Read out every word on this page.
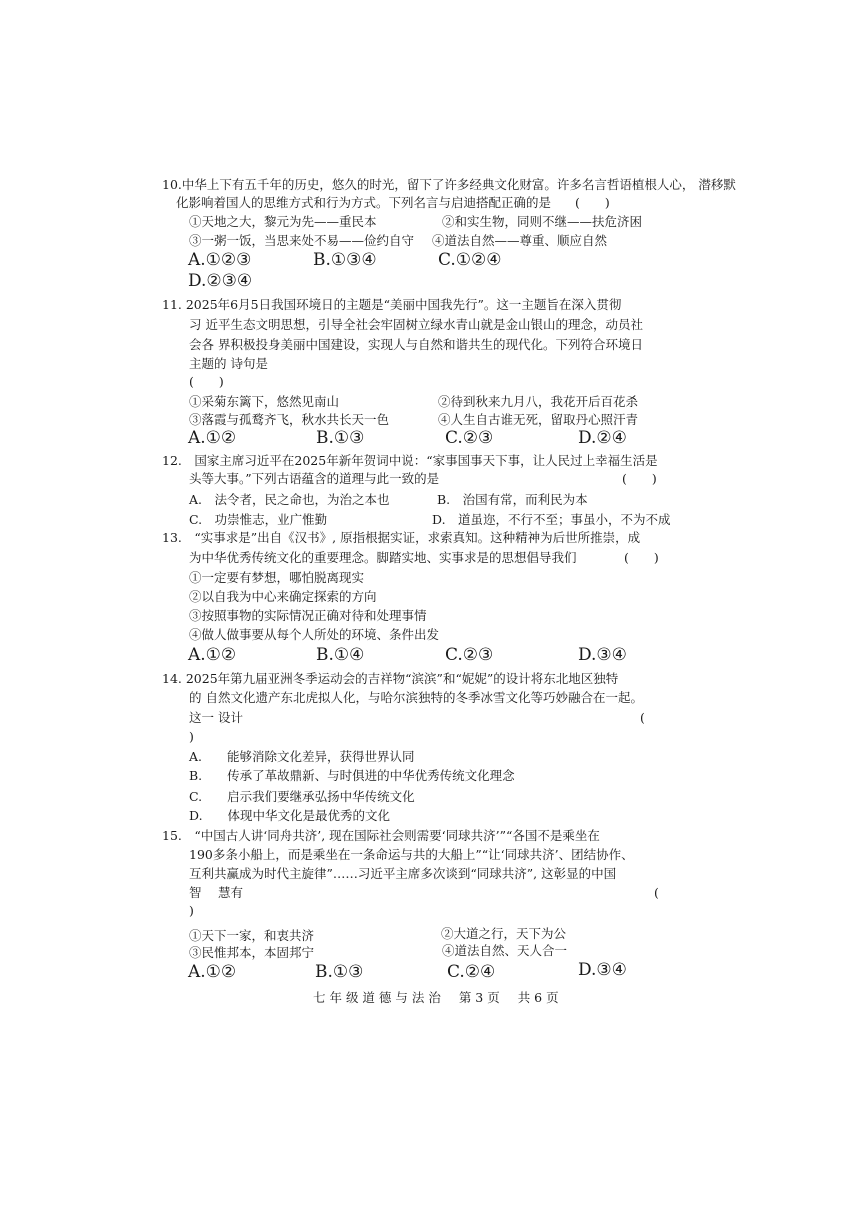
10.中华上下有五千年的历史，悠久的时光，留下了许多经典文化财富。许多名言哲语植根人心， 潜移默
化影响着国人的思维方式和行为方式。下列名言与启迪搭配正确的是 (　　)
①天地之大，黎元为先——重民本	②和实生物，同则不继——扶危济困
③一粥一饭，当思来处不易——俭约自守 ④道法自然——尊重、顺应自然
A.①②③	B.①③④	C.①②④
D.②③④
11. 2025年6月5日我国环境日的主题是“美丽中国我先行”。这一主题旨在深入贯彻
习 近平生态文明思想，引导全社会牢固树立绿水青山就是金山银山的理念，动员社
会各 界积极投身美丽中国建设，实现人与自然和谐共生的现代化。下列符合环境日
主题的 诗句是
(　　)
①采菊东篱下，悠然见南山	②待到秋来九月八，我花开后百花杀
③落霞与孤鹜齐飞，秋水共长天一色	④人生自古谁无死，留取丹心照汗青
A.①②	B.①③	C.②③	D.②④
12.　国家主席习近平在2025年新年贺词中说：“家事国事天下事，让人民过上幸福生活是
头等大事。”下列古语蕴含的道理与此一致的是	(　　)
A.　法令者，民之命也，为治之本也	B.　治国有常，而利民为本
C.　功崇惟志，业广惟勤	D.　道虽迩，不行不至；事虽小，不为不成
13.　“实事求是”出自《汉书》, 原指根据实证，求索真知。这种精神为后世所推崇，成
为中华优秀传统文化的重要理念。脚踏实地、实事求是的思想倡导我们	(　　)
①一定要有梦想，哪怕脱离现实
②以自我为中心来确定探索的方向
③按照事物的实际情况正确对待和处理事情
④做人做事要从每个人所处的环境、条件出发
A.①②	B.①④	C.②③	D.③④
14. 2025年第九届亚洲冬季运动会的吉祥物“滨滨”和“妮妮”的设计将东北地区独特
的 自然文化遗产东北虎拟人化，与哈尔滨独特的冬季冰雪文化等巧妙融合在一起。
这一 设计	(
)
A.　　能够消除文化差异，获得世界认同
B.　　传承了革故鼎新、与时俱进的中华优秀传统文化理念
C.　　启示我们要继承弘扬中华传统文化
D.　　体现中华文化是最优秀的文化
15.　“中国古人讲‘同舟共济’, 现在国际社会则需要‘同球共济’”“各国不是乘坐在
190多条小船上，而是乘坐在一条命运与共的大船上”“让‘同球共济’、团结协作、
互利共赢成为时代主旋律”……习近平主席多次谈到“同球共济”, 这彰显的中国
智　 慧有	(
)
①天下一家，和衷共济	②大道之行，天下为公
③民惟邦本，本固邦宁	④道法自然、天人合一
A.①②	B.①③	C.②④	D.③④
七 年 级 道 德 与 法 治 第 3 页 共 6 页
